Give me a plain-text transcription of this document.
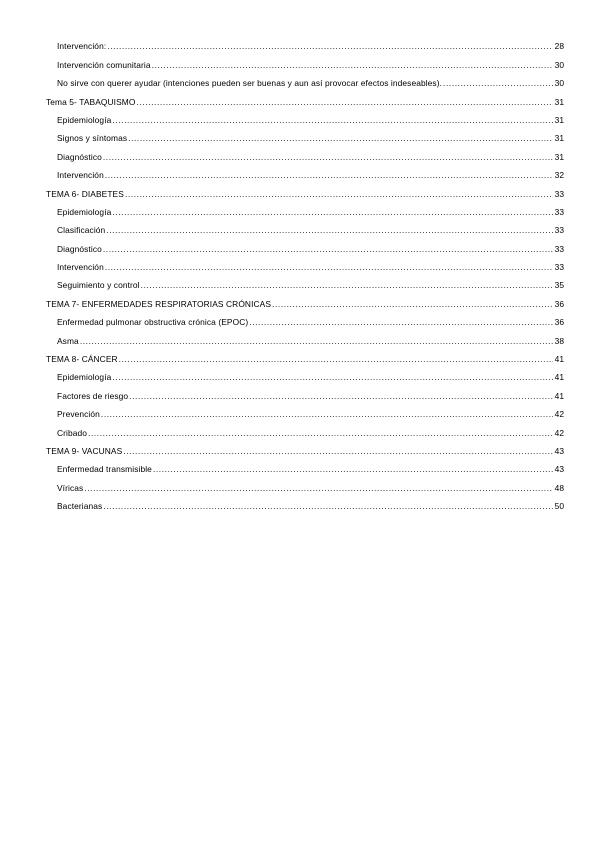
Intervención: .....	28
Intervención comunitaria .....	30
No sirve con querer ayudar (intenciones pueden ser buenas y aun así provocar efectos indeseables). .....	30
Tema 5- TABAQUISMO .....	31
Epidemiología .....	31
Signos y síntomas .....	31
Diagnóstico .....	31
Intervención .....	32
TEMA 6- DIABETES .....	33
Epidemiología .....	33
Clasificación .....	33
Diagnóstico .....	33
Intervención .....	33
Seguimiento y control .....	35
TEMA 7- ENFERMEDADES RESPIRATORIAS CRÓNICAS .....	36
Enfermedad pulmonar obstructiva crónica (EPOC) .....	36
Asma .....	38
TEMA 8- CÁNCER .....	41
Epidemiología .....	41
Factores de riesgo .....	41
Prevención .....	42
Cribado .....	42
TEMA 9- VACUNAS .....	43
Enfermedad transmisible .....	43
Víricas .....	48
Bacterianas .....	50
